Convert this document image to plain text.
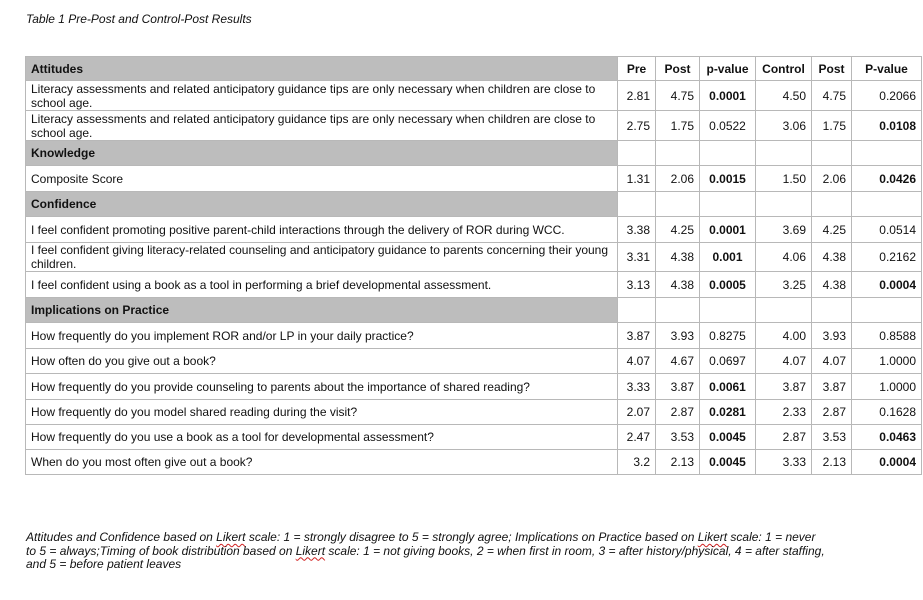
Table 1 Pre-Post and Control-Post Results
Attitudes	Pre	Post	p-value	Control	Post	P-value
Literacy assessments and related anticipatory guidance tips are only necessary when children are close to school age.	2.81	4.75	0.0001	4.50	4.75	0.2066
Literacy assessments and related anticipatory guidance tips are only necessary when children are close to school age.	2.75	1.75	0.0522	3.06	1.75	0.0108
Knowledge						
Composite Score	1.31	2.06	0.0015	1.50	2.06	0.0426
Confidence						
I feel confident promoting positive parent-child interactions through the delivery of ROR during WCC.	3.38	4.25	0.0001	3.69	4.25	0.0514
I feel confident giving literacy-related counseling and anticipatory guidance to parents concerning their young children.	3.31	4.38	0.001	4.06	4.38	0.2162
I feel confident using a book as a tool in performing a brief developmental assessment.	3.13	4.38	0.0005	3.25	4.38	0.0004
Implications on Practice						
How frequently do you implement ROR and/or LP in your daily practice?	3.87	3.93	0.8275	4.00	3.93	0.8588
How often do you give out a book?	4.07	4.67	0.0697	4.07	4.07	1.0000
How frequently do you provide counseling to parents about the importance of shared reading?	3.33	3.87	0.0061	3.87	3.87	1.0000
How frequently do you model shared reading during the visit?	2.07	2.87	0.0281	2.33	2.87	0.1628
How frequently do you use a book as a tool for developmental assessment?	2.47	3.53	0.0045	2.87	3.53	0.0463
When do you most often give out a book?	3.2	2.13	0.0045	3.33	2.13	0.0004
Attitudes and Confidence based on Likert scale: 1 = strongly disagree to 5 = strongly agree; Implications on Practice based on Likert scale: 1 = never to 5 = always;Timing of book distribution based on Likert scale: 1 = not giving books, 2 = when first in room, 3 = after history/physical, 4 = after staffing, and 5 = before patient leaves
